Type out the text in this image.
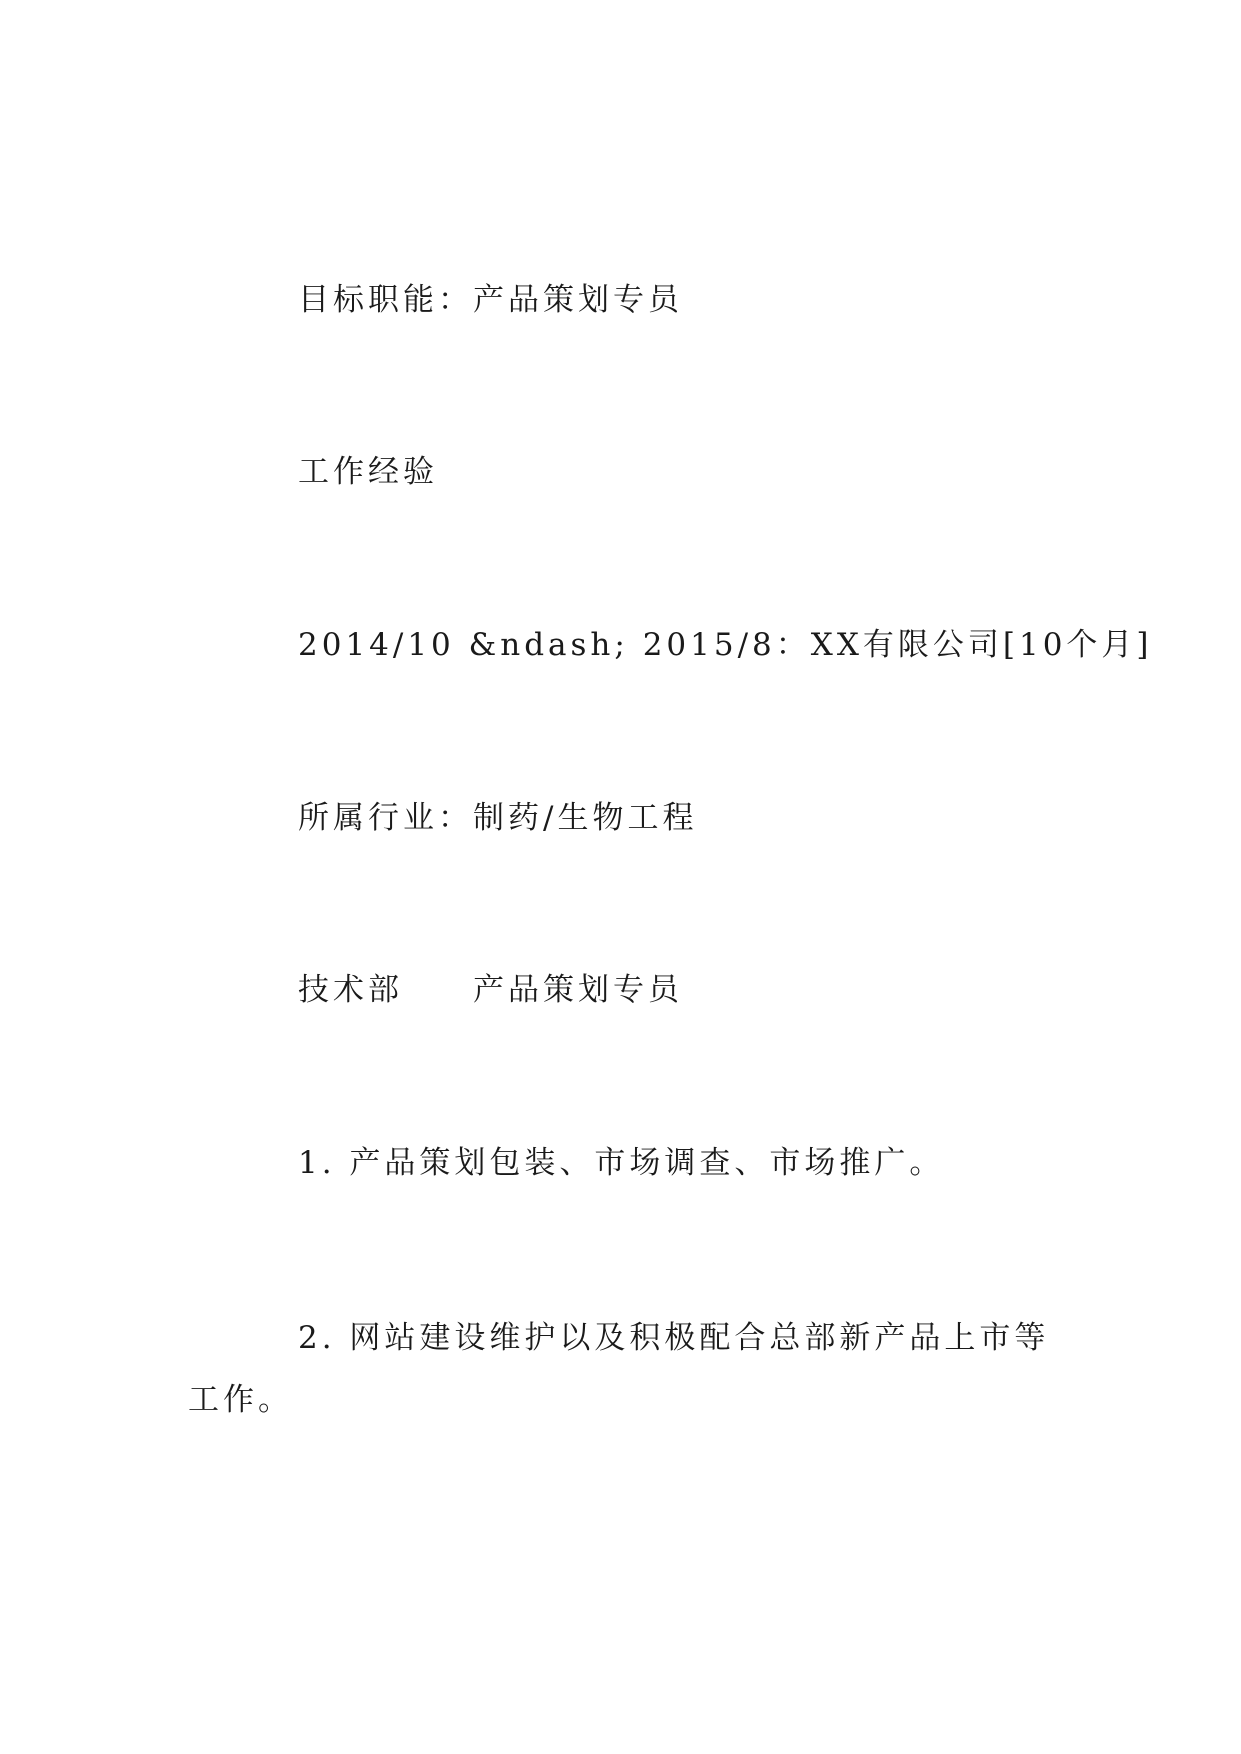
目标职能：产品策划专员
工作经验
2014/10 &ndash; 2015/8：XX有限公司[10个月]
所属行业：制药/生物工程
技术部　　产品策划专员
1. 产品策划包装、市场调查、市场推广。
2. 网站建设维护以及积极配合总部新产品上市等工作。
